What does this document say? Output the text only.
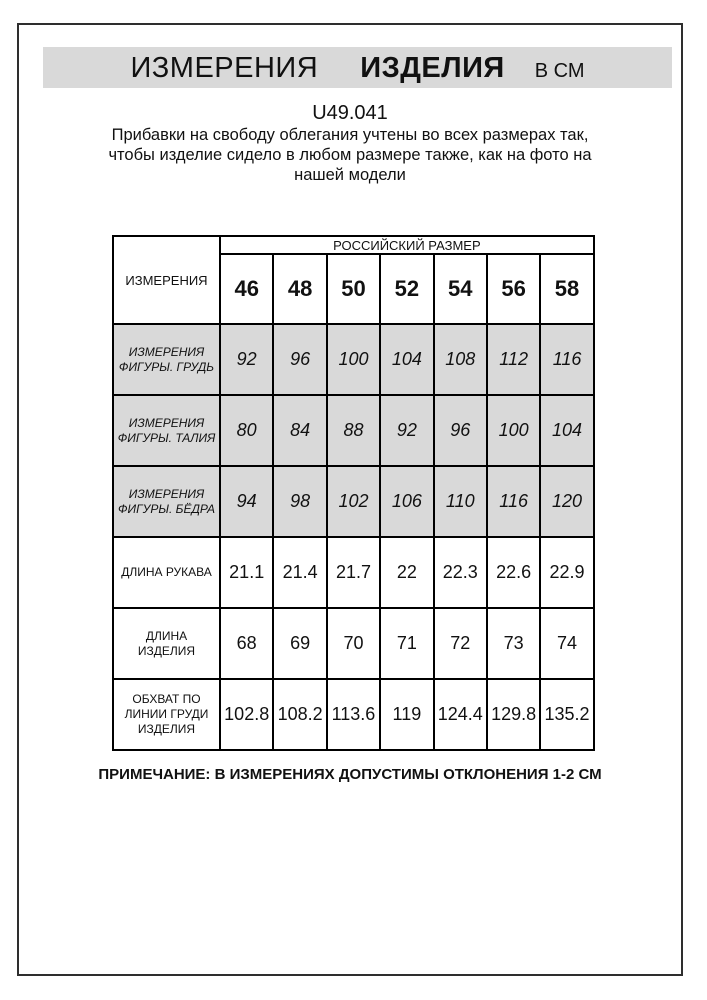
ИЗМЕРЕНИЯ ИЗДЕЛИЯ В СМ
U49.041
Прибавки на свободу облегания учтены во всех размерах так,
чтобы изделие сидело в любом размере также, как на фото на
нашей модели
ИЗМЕРЕНИЯ	РОССИЙСКИЙ РАЗМЕР						
	46	48	50	52	54	56	58
ИЗМЕРЕНИЯ ФИГУРЫ. ГРУДЬ	92	96	100	104	108	112	116
ИЗМЕРЕНИЯ ФИГУРЫ. ТАЛИЯ	80	84	88	92	96	100	104
ИЗМЕРЕНИЯ ФИГУРЫ. БЁДРА	94	98	102	106	110	116	120
ДЛИНА РУКАВА	21.1	21.4	21.7	22	22.3	22.6	22.9
ДЛИНА ИЗДЕЛИЯ	68	69	70	71	72	73	74
ОБХВАТ ПО ЛИНИИ ГРУДИ ИЗДЕЛИЯ	102.8	108.2	113.6	119	124.4	129.8	135.2
ПРИМЕЧАНИЕ: В ИЗМЕРЕНИЯХ ДОПУСТИМЫ ОТКЛОНЕНИЯ 1-2 СМ
